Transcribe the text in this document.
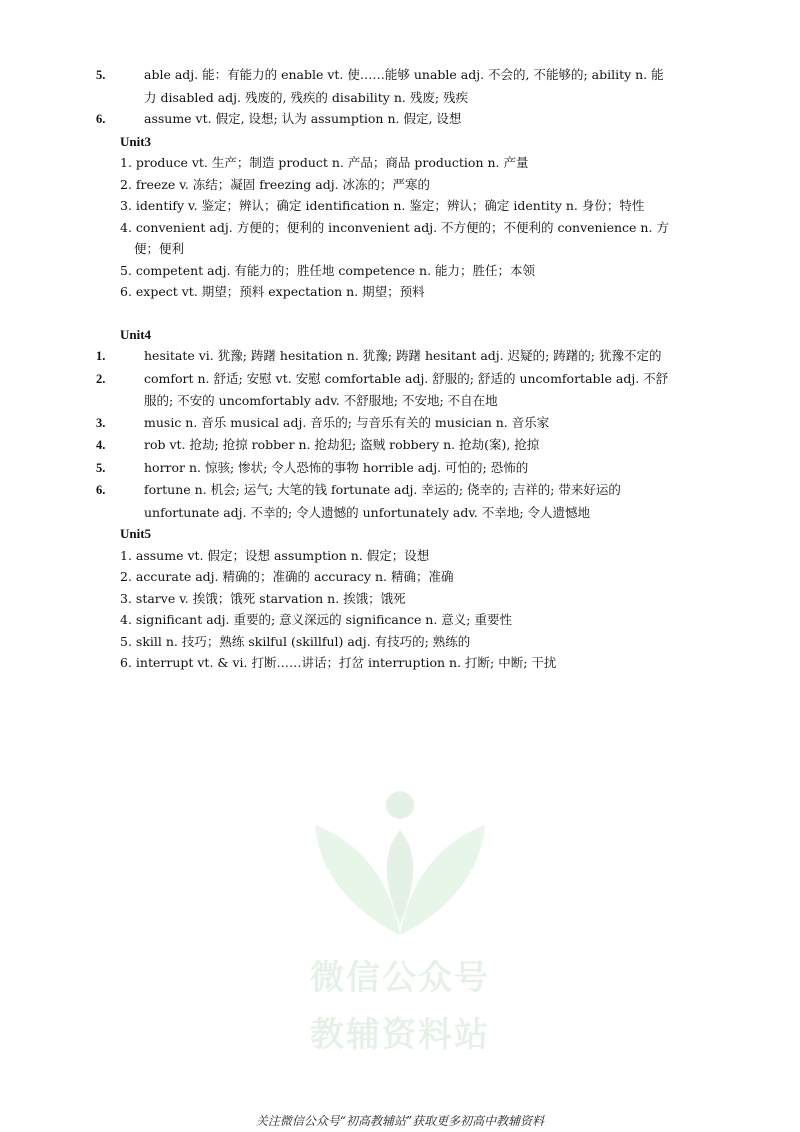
5.	able adj. 能：有能力的 enable vt. 使……能够 unable adj. 不会的, 不能够的; ability n. 能力 disabled adj. 残废的, 残疾的 disability n. 残废; 残疾
6.	assume vt. 假定, 设想; 认为 assumption n. 假定, 设想
Unit3
1. produce vt. 生产；制造 product n. 产品；商品 production n. 产量
2. freeze v. 冻结；凝固 freezing adj. 冰冻的；严寒的
3. identify v. 鉴定；辨认；确定 identification n. 鉴定；辨认；确定 identity n. 身份；特性
4. convenient adj. 方便的；便利的 inconvenient adj. 不方便的；不便利的 convenience n. 方便；便利
5. competent adj. 有能力的；胜任地 competence n. 能力；胜任；本领
6. expect vt. 期望；预料 expectation n. 期望；预料
Unit4
1.	hesitate vi. 犹豫; 踌躇 hesitation n. 犹豫; 踌躇 hesitant adj. 迟疑的; 踌躇的; 犹豫不定的
2.	comfort n. 舒适; 安慰 vt. 安慰 comfortable adj. 舒服的; 舒适的 uncomfortable adj. 不舒服的; 不安的 uncomfortably adv. 不舒服地; 不安地; 不自在地
3.	music n. 音乐 musical adj. 音乐的; 与音乐有关的 musician n. 音乐家
4.	rob vt. 抢劫; 抢掠 robber n. 抢劫犯; 盗贼 robbery n. 抢劫(案), 抢掠
5.	horror n. 惊骇; 惨状; 令人恐怖的事物 horrible adj. 可怕的; 恐怖的
6.	fortune n. 机会; 运气; 大笔的钱 fortunate adj. 幸运的; 侥幸的; 吉祥的; 带来好运的 unfortunate adj. 不幸的; 令人遗憾的 unfortunately adv. 不幸地; 令人遗憾地
Unit5
1. assume vt. 假定；设想 assumption n. 假定；设想
2. accurate adj. 精确的；准确的 accuracy n. 精确；准确
3. starve v. 挨饿；饿死 starvation n. 挨饿；饿死
4. significant adj. 重要的; 意义深远的 significance n. 意义; 重要性
5. skill n. 技巧；熟练 skilful (skillful) adj. 有技巧的; 熟练的
6. interrupt vt. & vi. 打断……讲话；打岔 interruption n. 打断; 中断; 干扰
微信公众号
教辅资料站
关注微信公众号“初高教辅站”获取更多初高中教辅资料
